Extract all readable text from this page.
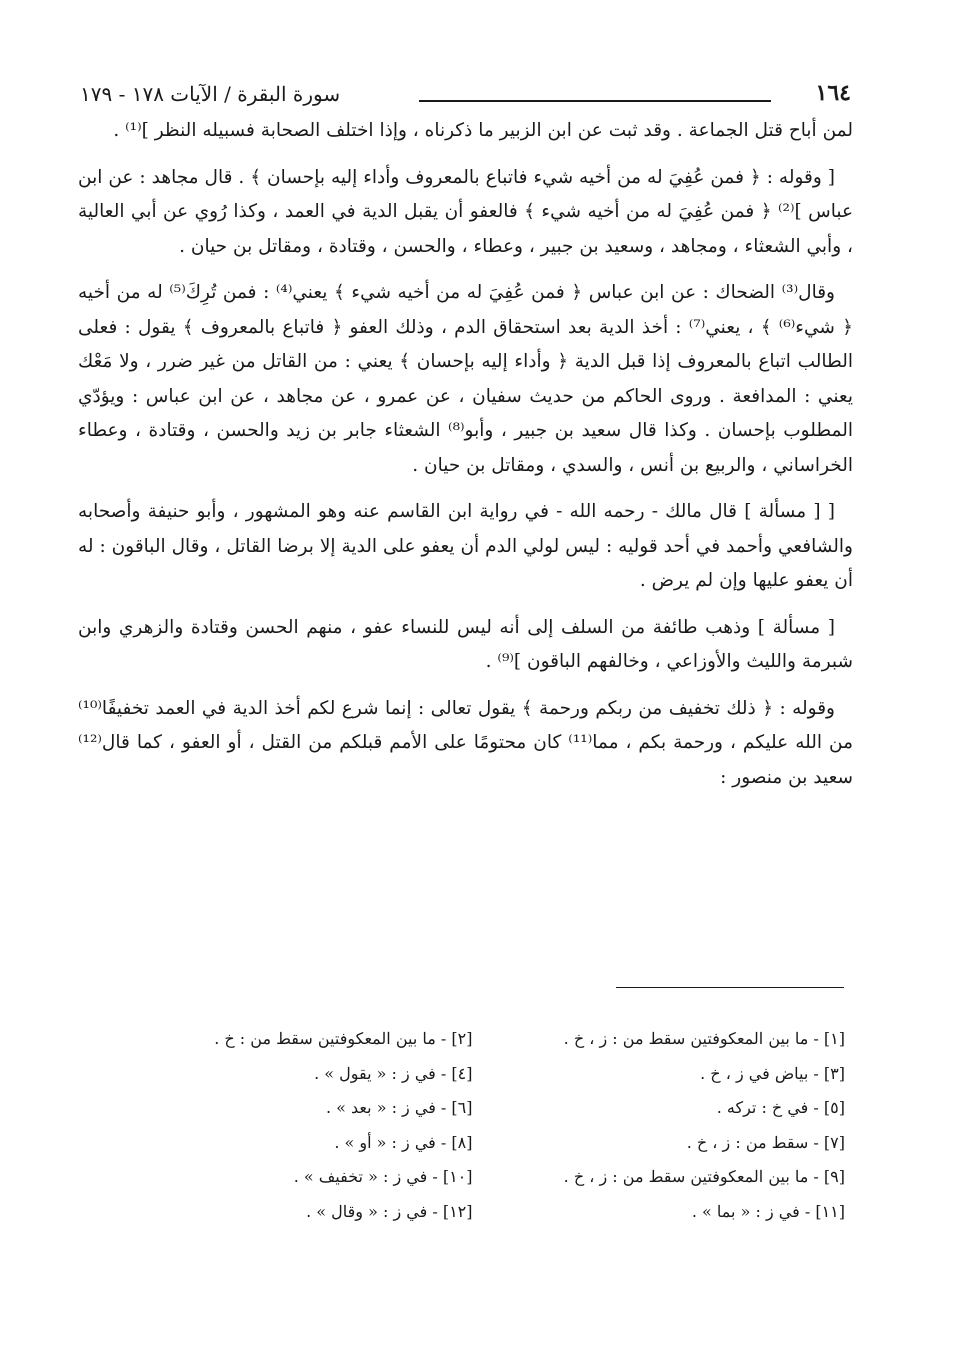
١٦٤
سورة البقرة / الآيات ١٧٨ - ١٧٩

لمن أباح قتل الجماعة . وقد ثبت عن ابن الزبير ما ذكرناه ، وإذا اختلف الصحابة فسبيله النظر ]⁽¹⁾ .

[ وقوله : ﴿ فمن عُفِيَ له من أخيه شيء فاتباع بالمعروف وأداء إليه بإحسان ﴾ . قال مجاهد : عن ابن عباس ]⁽²⁾ ﴿ فمن عُفِيَ له من أخيه شيء ﴾ فالعفو أن يقبل الدية في العمد ، وكذا رُوي عن أبي العالية ، وأبي الشعثاء ، ومجاهد ، وسعيد بن جبير ، وعطاء ، والحسن ، وقتادة ، ومقاتل بن حيان .

وقال⁽³⁾ الضحاك : عن ابن عباس ﴿ فمن عُفِيَ له من أخيه شيء ﴾ يعني⁽⁴⁾ : فمن تُرِكَ⁽⁵⁾ له من أخيه ﴿ شيء⁽⁶⁾ ﴾ ، يعني⁽⁷⁾ : أخذ الدية بعد استحقاق الدم ، وذلك العفو ﴿ فاتباع بالمعروف ﴾ يقول : فعلى الطالب اتباع بالمعروف إذا قبل الدية ﴿ وأداء إليه بإحسان ﴾ يعني : من القاتل من غير ضرر ، ولا مَعْك يعني : المدافعة . وروى الحاكم من حديث سفيان ، عن عمرو ، عن مجاهد ، عن ابن عباس : ويؤدّي المطلوب بإحسان . وكذا قال سعيد بن جبير ، وأبو⁽⁸⁾ الشعثاء جابر بن زيد والحسن ، وقتادة ، وعطاء الخراساني ، والربيع بن أنس ، والسدي ، ومقاتل بن حيان .

[ [ مسألة ] قال مالك - رحمه الله - في رواية ابن القاسم عنه وهو المشهور ، وأبو حنيفة وأصحابه والشافعي وأحمد في أحد قوليه : ليس لولي الدم أن يعفو على الدية إلا برضا القاتل ، وقال الباقون : له أن يعفو عليها وإن لم يرض .

[ مسألة ] وذهب طائفة من السلف إلى أنه ليس للنساء عفو ، منهم الحسن وقتادة والزهري وابن شبرمة والليث والأوزاعي ، وخالفهم الباقون ]⁽⁹⁾ .

وقوله : ﴿ ذلك تخفيف من ربكم ورحمة ﴾ يقول تعالى : إنما شرع لكم أخذ الدية في العمد تخفيفًا⁽¹⁰⁾ من الله عليكم ، ورحمة بكم ، مما⁽¹¹⁾ كان محتومًا على الأمم قبلكم من القتل ، أو العفو ، كما قال⁽¹²⁾ سعيد بن منصور :

[١] - ما بين المعكوفتين سقط من : ز ، خ .
[٢] - ما بين المعكوفتين سقط من : خ .
[٣] - بياض في ز ، خ .
[٤] - في ز : « يقول » .
[٥] - في خ : تركه .
[٦] - في ز : « بعد » .
[٧] - سقط من : ز ، خ .
[٨] - في ز : « أو » .
[٩] - ما بين المعكوفتين سقط من : ز ، خ .
[١٠] - في ز : « تخفيف » .
[١١] - في ز : « بما » .
[١٢] - في ز : « وقال » .
